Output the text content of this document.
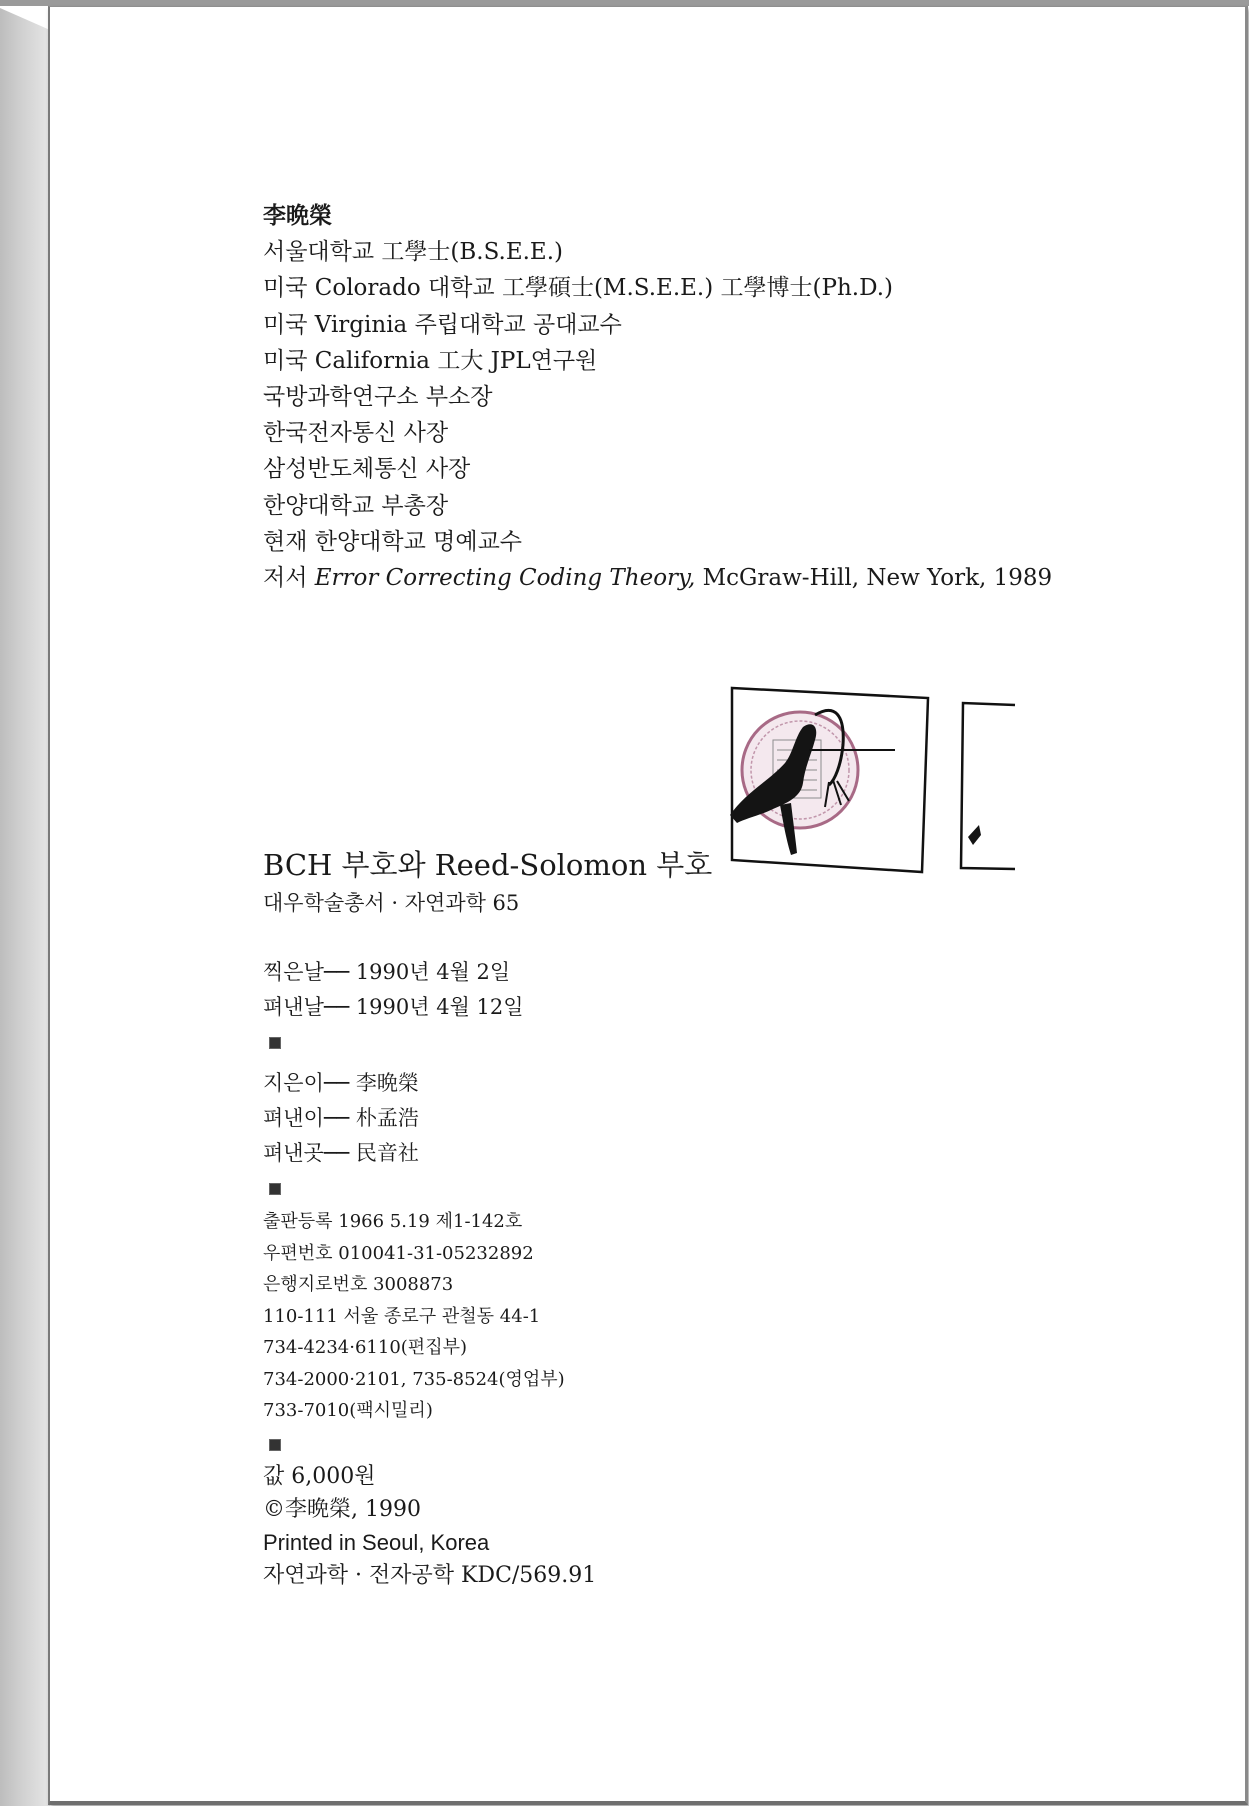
李晩榮
서울대학교 工學士(B.S.E.E.)
미국 Colorado 대학교 工學碩士(M.S.E.E.) 工學博士(Ph.D.)
미국 Virginia 주립대학교 공대교수
미국 California 工大 JPL연구원
국방과학연구소 부소장
한국전자통신 사장
삼성반도체통신 사장
한양대학교 부총장
현재 한양대학교 명예교수
저서 Error Correcting Coding Theory, McGraw-Hill, New York, 1989
BCH 부호와 Reed-Solomon 부호
대우학술총서 · 자연과학 65
찍은날── 1990년 4월 2일
펴낸날── 1990년 4월 12일
지은이── 李晩榮
펴낸이── 朴孟浩
펴낸곳── 民音社
출판등록 1966 5.19 제1-142호
우편번호 010041-31-05232892
은행지로번호 3008873
110-111 서울 종로구 관철동 44-1
734-4234·6110(편집부)
734-2000·2101, 735-8524(영업부)
733-7010(팩시밀리)
값 6,000원
©李晩榮, 1990
Printed in Seoul, Korea
자연과학 · 전자공학 KDC/569.91
